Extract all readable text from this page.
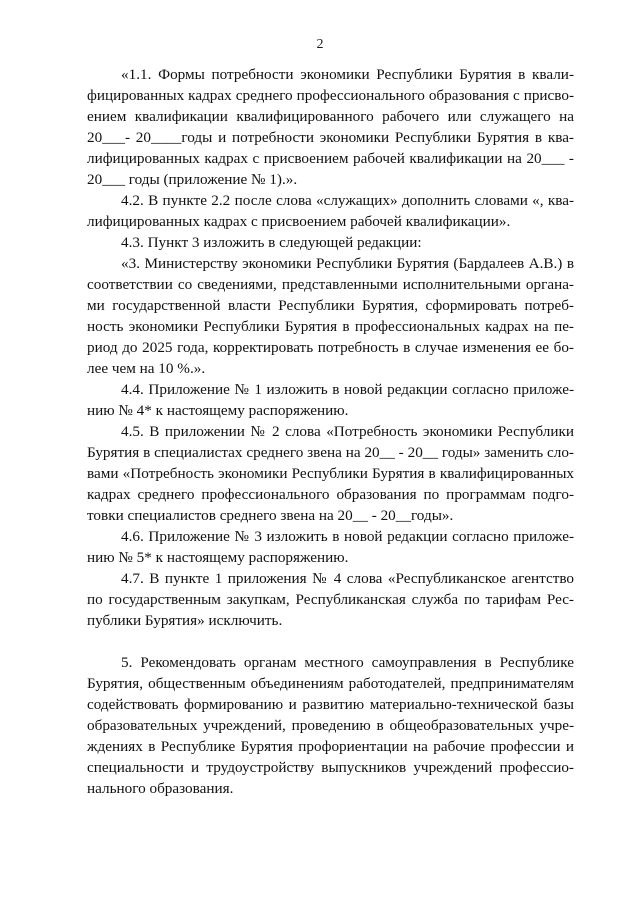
2
«1.1. Формы потребности экономики Республики Бурятия в квали-
фицированных кадрах среднего профессионального образования с присво-
ением квалификации квалифицированного рабочего или служащего на
20___- 20____годы и потребности экономики Республики Бурятия в ква-
лифицированных кадрах с присвоением рабочей квалификации на 20___ -
20___ годы (приложение № 1).».
4.2. В пункте 2.2 после слова «служащих» дополнить словами «, ква-
лифицированных кадрах с присвоением рабочей квалификации».
4.3. Пункт 3 изложить в следующей редакции:
«3. Министерству экономики Республики Бурятия (Бардалеев А.В.) в
соответствии со сведениями, представленными исполнительными органа-
ми государственной власти Республики Бурятия, сформировать потреб-
ность экономики Республики Бурятия в профессиональных кадрах на пе-
риод до 2025 года, корректировать потребность в случае изменения ее бо-
лее чем на 10 %.».
4.4. Приложение № 1 изложить в новой редакции согласно приложе-
нию № 4* к настоящему распоряжению.
4.5. В приложении № 2 слова «Потребность экономики Республики
Бурятия в специалистах среднего звена на 20__ - 20__ годы» заменить сло-
вами «Потребность экономики Республики Бурятия в квалифицированных
кадрах среднего профессионального образования по программам подго-
товки специалистов среднего звена на 20__ - 20__годы».
4.6. Приложение № 3 изложить в новой редакции согласно приложе-
нию № 5* к настоящему распоряжению.
4.7. В пункте 1 приложения № 4 слова «Республиканское агентство
по государственным закупкам, Республиканская служба по тарифам Рес-
публики Бурятия» исключить.
5. Рекомендовать органам местного самоуправления в Республике
Бурятия, общественным объединениям работодателей, предпринимателям
содействовать формированию и развитию материально-технической базы
образовательных учреждений, проведению в общеобразовательных учре-
ждениях в Республике Бурятия профориентации на рабочие профессии и
специальности и трудоустройству выпускников учреждений профессио-
нального образования.
